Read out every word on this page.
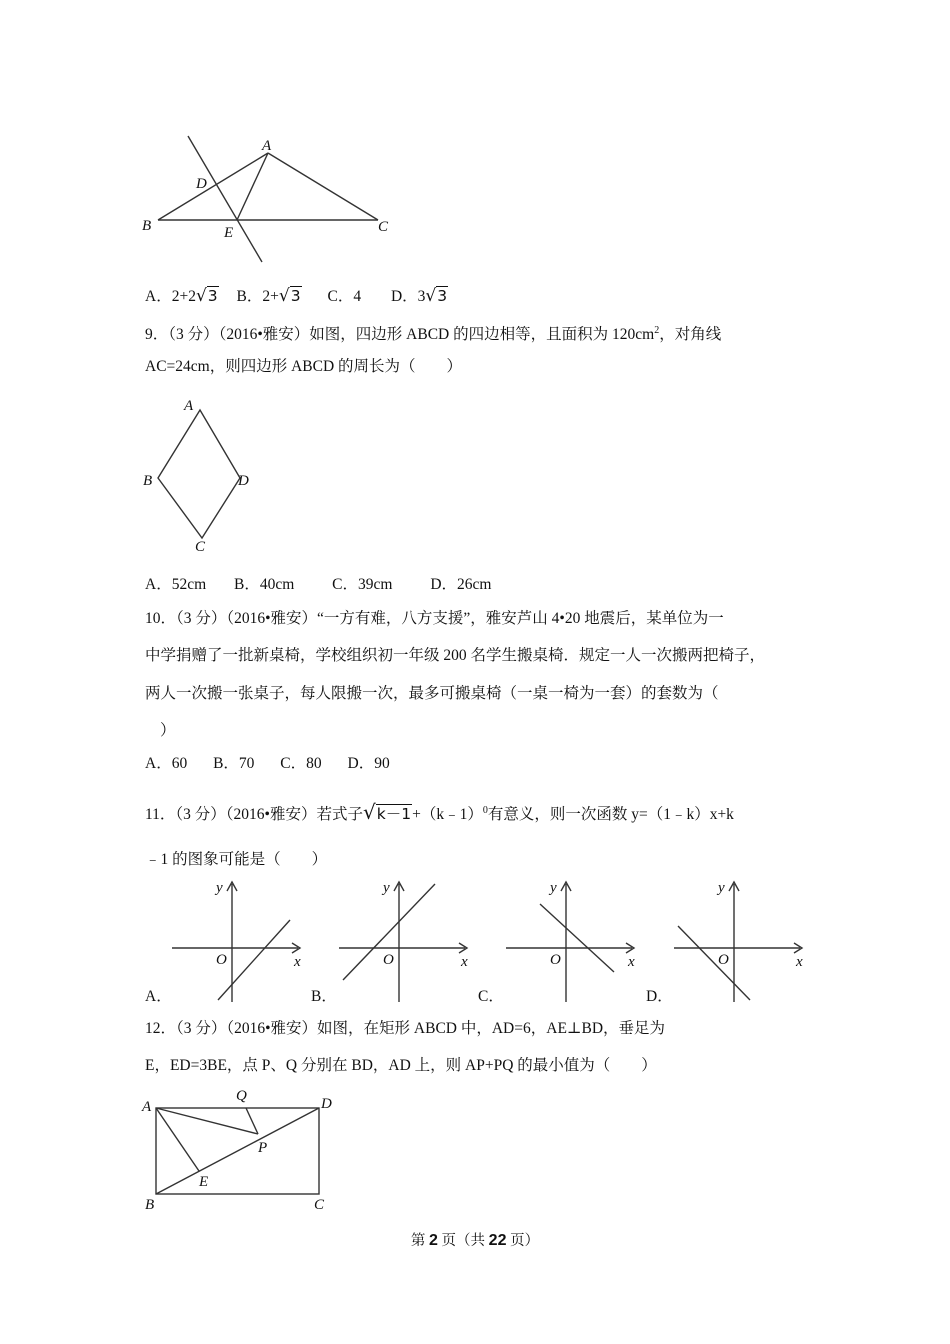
A
B	C
D
E
A．2+2√3 B．2+√3 C．4 D．3√3
9．（3 分）（2016•雅安）如图，四边形 ABCD 的四边相等，且面积为 $120cm^2$，对角线
AC=24cm，则四边形 ABCD 的周长为（　　）
A
B
C
D
A．52cm B．40cm C．39cm D．26cm
10．（3 分）（2016•雅安）“一方有难，八方支援”，雅安芦山 4•20 地震后，某单位为一
中学捐赠了一批新桌椅，学校组织初一年级 200 名学生搬桌椅．规定一人一次搬两把椅子，
两人一次搬一张桌子，每人限搬一次，最多可搬桌椅（一桌一椅为一套）的套数为（
）
A．60 B．70 C．80 D．90
11．（3 分）（2016•雅安）若式子√k－1+（k﹣1）$^0$有意义，则一次函数 y=（1﹣k）x+k
﹣1 的图象可能是（　　）
y
x
O
A．
y
x
O
B．
y
x
O
C．
y
x
O
D．
12．（3 分）（2016•雅安）如图，在矩形 ABCD 中，AD=6，AE⊥BD，垂足为
E，ED=3BE，点 P、Q 分别在 BD，AD 上，则 AP+PQ 的最小值为（　　）
A
B	C
D
E
P
Q
第 2 页（共 22 页）
